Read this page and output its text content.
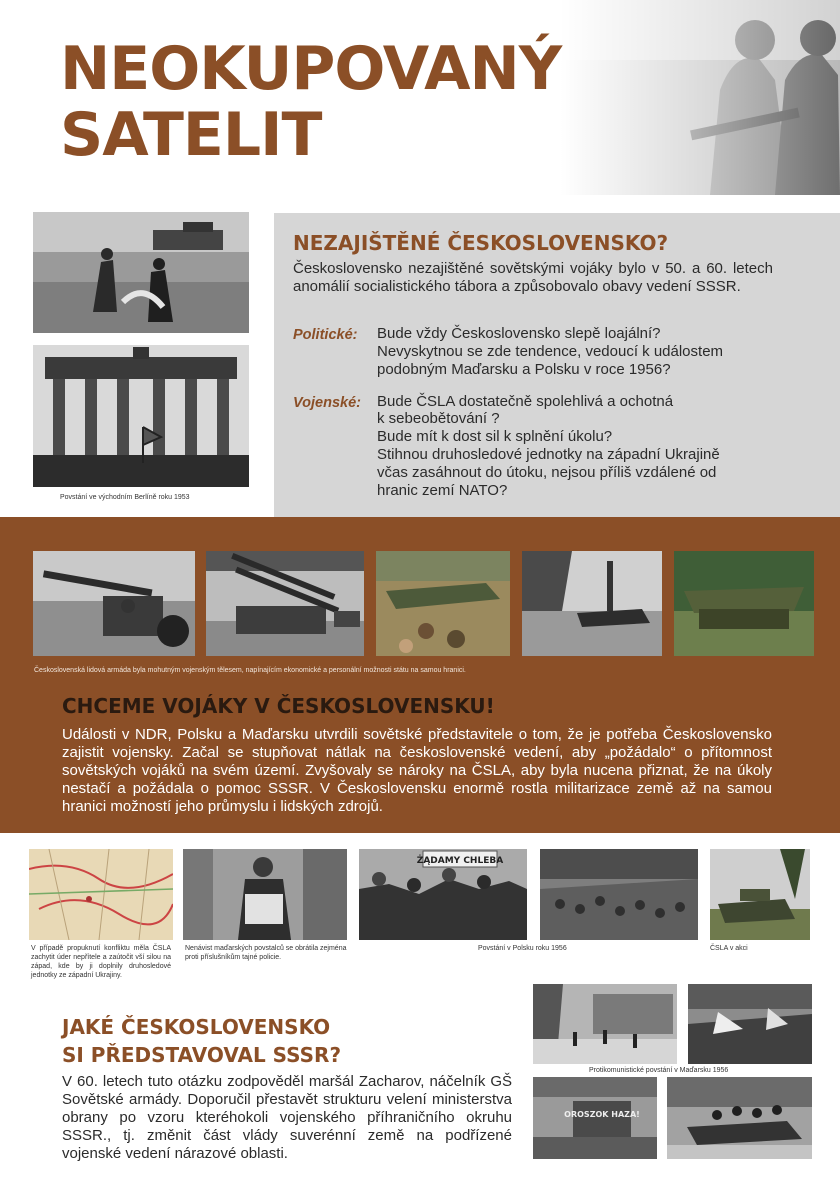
NEOKUPOVANÝ
SATELIT
Povstání ve východním Berlíně roku 1953
NEZAJIŠTĚNÉ ČESKOSLOVENSKO?
Československo nezajištěné sovětskými vojáky bylo v 50. a 60. letech anomálií socialistického tábora a způsobovalo obavy vedení SSSR.
Politické: Bude vždy Československo slepě loajální?
Nevyskytnou se zde tendence, vedoucí k událostem
podobným Maďarsku a Polsku v roce 1956?
Vojenské: Bude ČSLA dostatečně spolehlivá a ochotná
k sebeobětování ?
Bude mít k dost sil k splnění úkolu?
Stihnou druhosledové jednotky na západní Ukrajině
včas zasáhnout do útoku, nejsou příliš vzdálené od
hranic zemí NATO?
Československá lidová armáda byla mohutným vojenským tělesem, napínajícím ekonomické a personální možnosti státu na samou hranici.
CHCEME VOJÁKY V ČESKOSLOVENSKU!
Události v NDR, Polsku a Maďarsku utvrdili sovětské představitele o tom, že je potřeba Československo zajistit vojensky. Začal se stupňovat nátlak na československé vedení, aby „požádalo“ o přítomnost sovětských vojáků na svém území. Zvyšovaly se nároky na ČSLA, aby byla nucena přiznat, že na úkoly nestačí a požádala o pomoc SSSR. V Československu enormě rostla militarizace země až na samou hranici možností jeho průmyslu i lidských zdrojů.
ŻĄDAMY CHLEBA
V případě propuknutí konfliktu měla ČSLA zachytit úder nepřítele a zaútočit vší silou na západ, kde by ji doplnily druhosledové jednotky ze západní Ukrajiny.
Nenávist maďarských povstalců se obrátila zejména proti příslušníkům tajné policie.
Povstání v Polsku roku 1956	ČSLA v akci
Protikomunistické povstání v Maďarsku 1956
OROSZOK HAZA!
JAKÉ ČESKOSLOVENSKO
SI PŘEDSTAVOVAL SSSR?
V 60. letech tuto otázku zodpověděl maršál Zacharov, náčelník GŠ Sovětské armády. Doporučil přestavět strukturu velení ministerstva obrany po vzoru kteréhokoli vojenského příhraničního okruhu SSSR., tj. změnit část vlády suverénní země na podřízené vojenské vedení nárazové oblasti.
